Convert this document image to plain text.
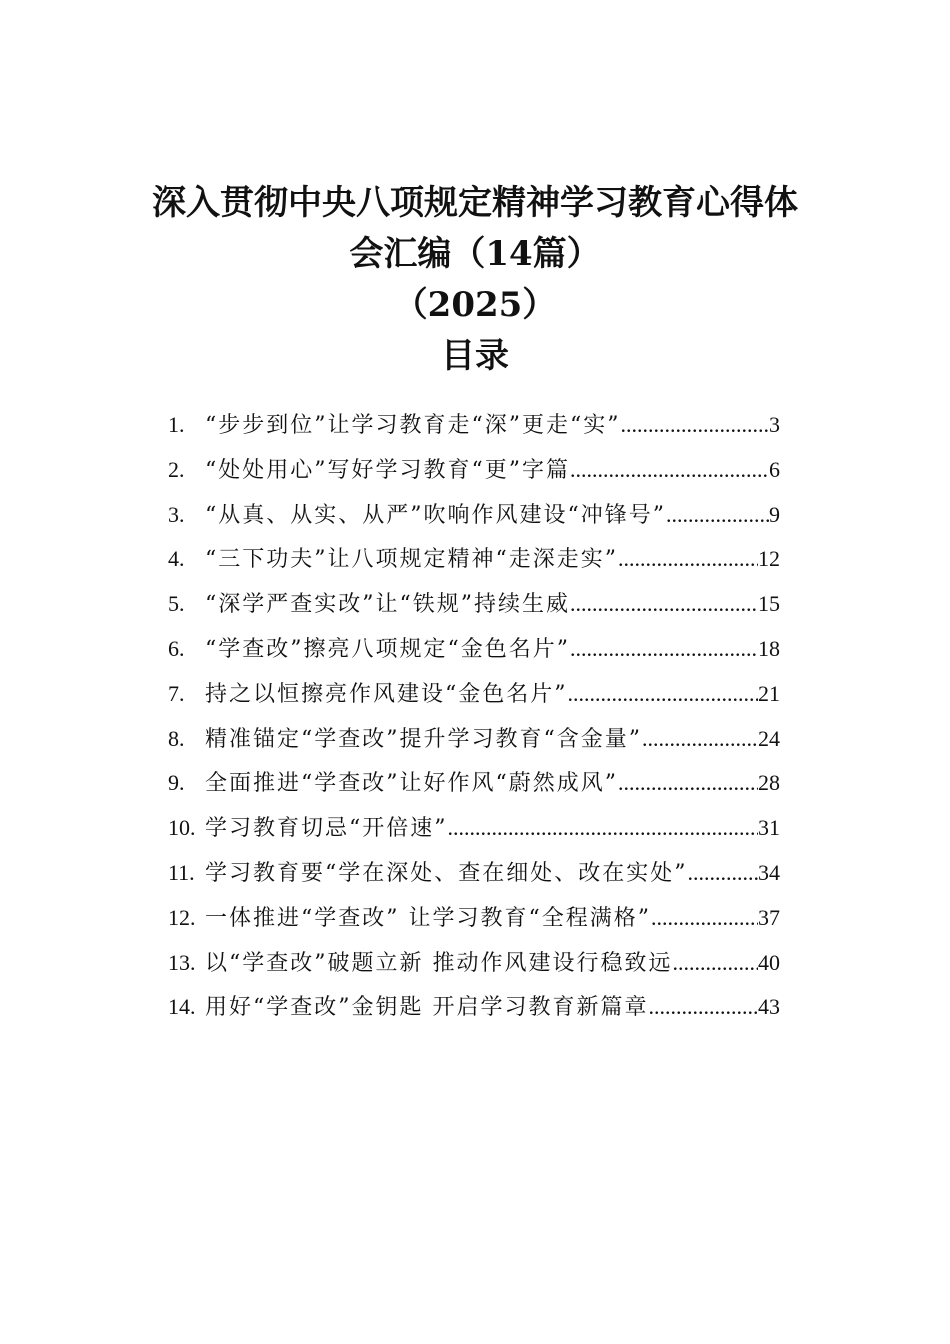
深入贯彻中央八项规定精神学习教育心得体
会汇编（14篇）
（2025）
目录
1. “步步到位”让学习教育走“深”更走“实” .....	3
2. “处处用心”写好学习教育“更”字篇 .....	6
3. “从真、从实、从严”吹响作风建设“冲锋号” .....	9
4. “三下功夫”让八项规定精神“走深走实” .....	12
5. “深学严查实改”让“铁规”持续生威 .....	15
6. “学查改”擦亮八项规定“金色名片” .....	18
7. 持之以恒擦亮作风建设“金色名片” .....	21
8. 精准锚定“学查改”提升学习教育“含金量” .....	24
9. 全面推进“学查改”让好作风“蔚然成风” .....	28
10. 学习教育切忌“开倍速” .....	31
11. 学习教育要“学在深处、查在细处、改在实处” .....	34
12. 一体推进“学查改” 让学习教育“全程满格” .....	37
13. 以“学查改”破题立新 推动作风建设行稳致远 .....	40
14. 用好“学查改”金钥匙 开启学习教育新篇章 .....	43
